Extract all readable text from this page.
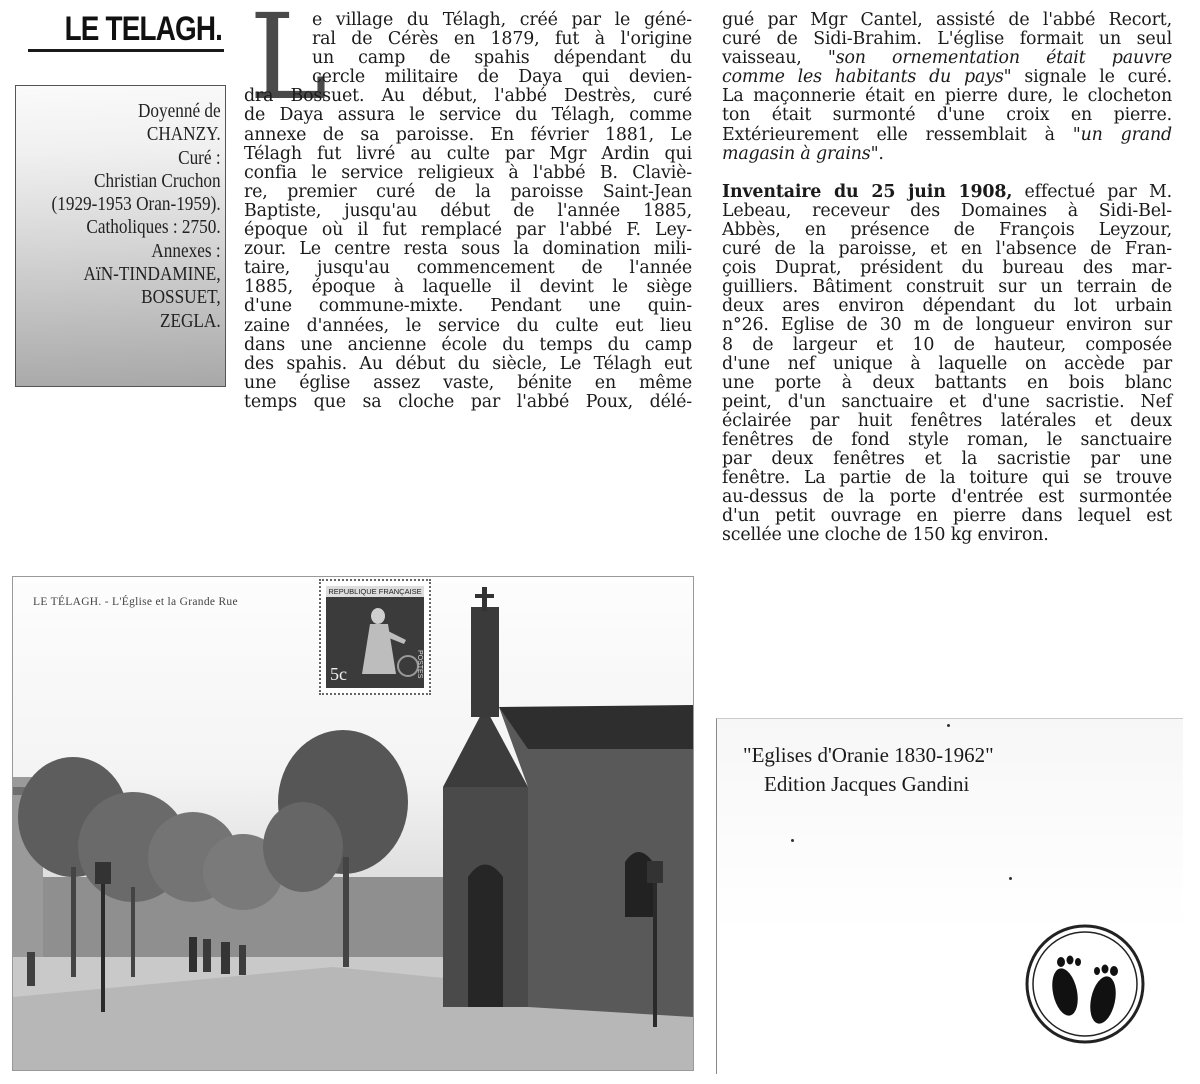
LE TELAGH.
Doyenné de
CHANZY.
Curé :
Christian Cruchon
(1929-1953 Oran-1959).
Catholiques : 2750.
Annexes :
AïN-TINDAMINE,
BOSSUET,
ZEGLA.
L
e village du Télagh, créé par le géné-
ral de Cérès en 1879, fut à l'origine
un camp de spahis dépendant du
cercle militaire de Daya qui devien-
dra Bossuet. Au début, l'abbé Destrès, curé
de Daya assura le service du Télagh, comme
annexe de sa paroisse. En février 1881, Le
Télagh fut livré au culte par Mgr Ardin qui
confia le service religieux à l'abbé B. Claviè-
re, premier curé de la paroisse Saint-Jean
Baptiste, jusqu'au début de l'année 1885,
époque où il fut remplacé par l'abbé F. Ley-
zour. Le centre resta sous la domination mili-
taire, jusqu'au commencement de l'année
1885, époque à laquelle il devint le siège
d'une commune-mixte. Pendant une quin-
zaine d'années, le service du culte eut lieu
dans une ancienne école du temps du camp
des spahis. Au début du siècle, Le Télagh eut
une église assez vaste, bénite en même
temps que sa cloche par l'abbé Poux, délé-
gué par Mgr Cantel, assisté de l'abbé Recort,
curé de Sidi-Brahim. L'église formait un seul
vaisseau, "son ornementation était pauvre
comme les habitants du pays" signale le curé.
La maçonnerie était en pierre dure, le clocheton
ton était surmonté d'une croix en pierre.
Extérieurement elle ressemblait à "un grand
magasin à grains".
Inventaire du 25 juin 1908, effectué par M.
Lebeau, receveur des Domaines à Sidi-Bel-
Abbès, en présence de François Leyzour,
curé de la paroisse, et en l'absence de Fran-
çois Duprat, président du bureau des mar-
guilliers. Bâtiment construit sur un terrain de
deux ares environ dépendant du lot urbain
n°26. Eglise de 30 m de longueur environ sur
8 de largeur et 10 de hauteur, composée
d'une nef unique à laquelle on accède par
une porte à deux battants en bois blanc
peint, d'un sanctuaire et d'une sacristie. Nef
éclairée par huit fenêtres latérales et deux
fenêtres de fond style roman, le sanctuaire
par deux fenêtres et la sacristie par une
fenêtre. La partie de la toiture qui se trouve
au-dessus de la porte d'entrée est surmontée
d'un petit ouvrage en pierre dans lequel est
scellée une cloche de 150 kg environ.
LE TÉLAGH. - L'Église et la Grande Rue
REPUBLIQUE FRANÇAISE
5c	POSTES
"Eglises d'Oranie 1830-1962"
Edition Jacques Gandini
